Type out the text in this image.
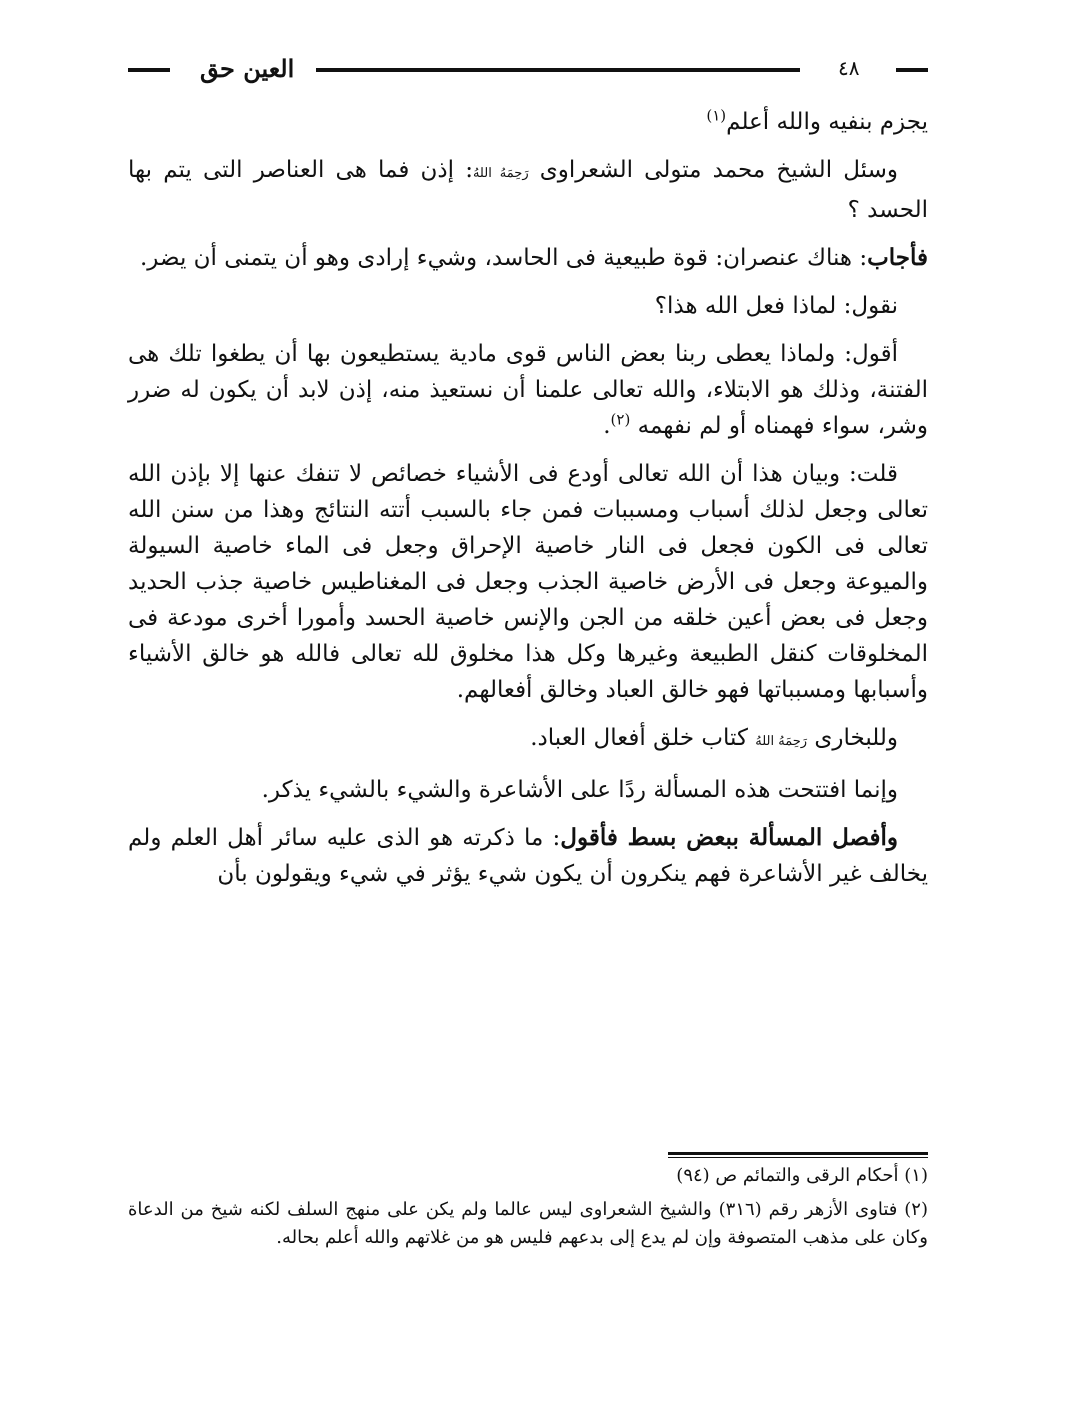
العين حق	٤٨

يجزم بنفيه والله أعلم$^{(١)}$

وسئل الشيخ محمد متولى الشعراوى رَحِمَهُ اللهُ: إذن فما هى العناصر التى يتم بها الحسد ؟

فأجاب: هناك عنصران: قوة طبيعية فى الحاسد، وشيء إرادى وهو أن يتمنى أن يضر.

نقول: لماذا فعل الله هذا؟

أقول: ولماذا يعطى ربنا بعض الناس قوى مادية يستطيعون بها أن يطغوا تلك هى الفتنة، وذلك هو الابتلاء، والله تعالى علمنا أن نستعيذ منه، إذن لابد أن يكون له ضرر وشر، سواء فهمناه أو لم نفهمه $^{(٢)}$.

قلت: وبيان هذا أن الله تعالى أودع فى الأشياء خصائص لا تنفك عنها إلا بإذن الله تعالى وجعل لذلك أسباب ومسببات فمن جاء بالسبب أتته النتائج وهذا من سنن الله تعالى فى الكون فجعل فى النار خاصية الإحراق وجعل فى الماء خاصية السيولة والميوعة وجعل فى الأرض خاصية الجذب وجعل فى المغناطيس خاصية جذب الحديد وجعل فى بعض أعين خلقه من الجن والإنس خاصية الحسد وأمورا أخرى مودعة فى المخلوقات كنقل الطبيعة وغيرها وكل هذا مخلوق لله تعالى فالله هو خالق الأشياء وأسبابها ومسبباتها فهو خالق العباد وخالق أفعالهم.

وللبخارى رَحِمَهُ اللهُ كتاب خلق أفعال العباد.

وإنما افتتحت هذه المسألة ردًا على الأشاعرة والشيء بالشيء يذكر.

وأفصل المسألة ببعض بسط فأقول: ما ذكرته هو الذى عليه سائر أهل العلم ولم يخالف غير الأشاعرة فهم ينكرون أن يكون شيء يؤثر في شيء ويقولون بأن

(١) أحكام الرقى والتمائم ص (٩٤)

(٢) فتاوى الأزهر رقم (٣١٦) والشيخ الشعراوى ليس عالما ولم يكن على منهج السلف لكنه شيخ من الدعاة وكان على مذهب المتصوفة وإن لم يدع إلى بدعهم فليس هو من غلاتهم والله أعلم بحاله.
